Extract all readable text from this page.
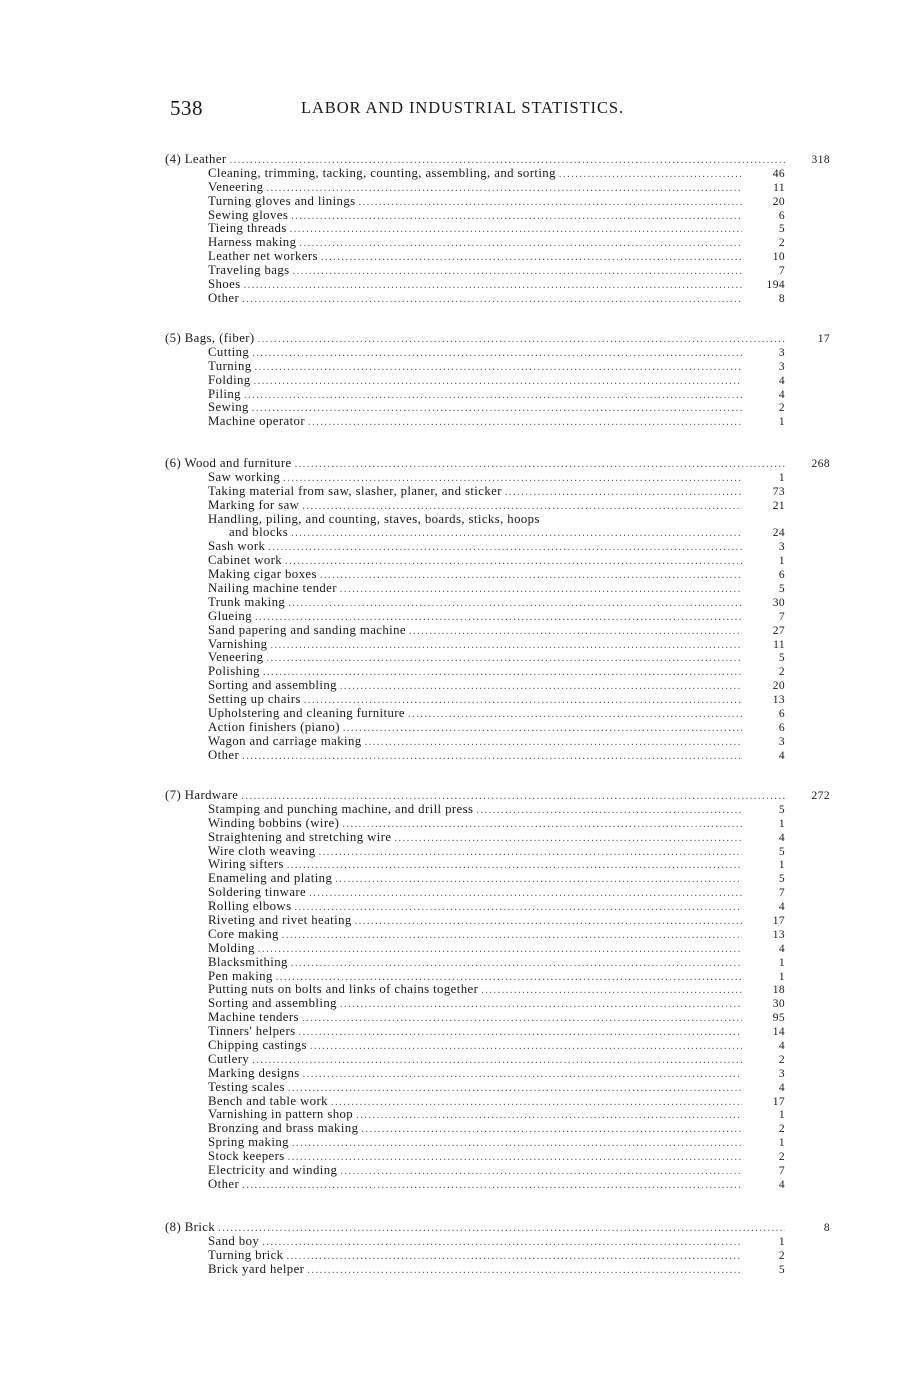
538	LABOR AND INDUSTRIAL STATISTICS.
(4) Leather .....	318
Cleaning, trimming, tacking, counting, assembling, and sorting .....	46
Veneering .....	11
Turning gloves and linings .....	20
Sewing gloves .....	6
Tieing threads .....	5
Harness making .....	2
Leather net workers .....	10
Traveling bags .....	7
Shoes .....	194
Other .....	8
(5) Bags, (fiber) .....	17
Cutting .....	3
Turning .....	3
Folding .....	4
Piling .....	4
Sewing .....	2
Machine operator .....	1
(6) Wood and furniture .....	268
Saw working .....	1
Taking material from saw, slasher, planer, and sticker .....	73
Marking for saw .....	21
Handling, piling, and counting, staves, boards, sticks, hoops
and blocks .....	24
Sash work .....	3
Cabinet work .....	1
Making cigar boxes .....	6
Nailing machine tender .....	5
Trunk making .....	30
Glueing .....	7
Sand papering and sanding machine .....	27
Varnishing .....	11
Veneering .....	5
Polishing .....	2
Sorting and assembling .....	20
Setting up chairs .....	13
Upholstering and cleaning furniture .....	6
Action finishers (piano) .....	6
Wagon and carriage making .....	3
Other .....	4
(7) Hardware .....	272
Stamping and punching machine, and drill press .....	5
Winding bobbins (wire) .....	1
Straightening and stretching wire .....	4
Wire cloth weaving .....	5
Wiring sifters .....	1
Enameling and plating .....	5
Soldering tinware .....	7
Rolling elbows .....	4
Riveting and rivet heating .....	17
Core making .....	13
Molding .....	4
Blacksmithing .....	1
Pen making .....	1
Putting nuts on bolts and links of chains together .....	18
Sorting and assembling .....	30
Machine tenders .....	95
Tinners' helpers .....	14
Chipping castings .....	4
Cutlery .....	2
Marking designs .....	3
Testing scales .....	4
Bench and table work .....	17
Varnishing in pattern shop .....	1
Bronzing and brass making .....	2
Spring making .....	1
Stock keepers .....	2
Electricity and winding .....	7
Other .....	4
(8) Brick .....	8
Sand boy .....	1
Turning brick .....	2
Brick yard helper .....	5
